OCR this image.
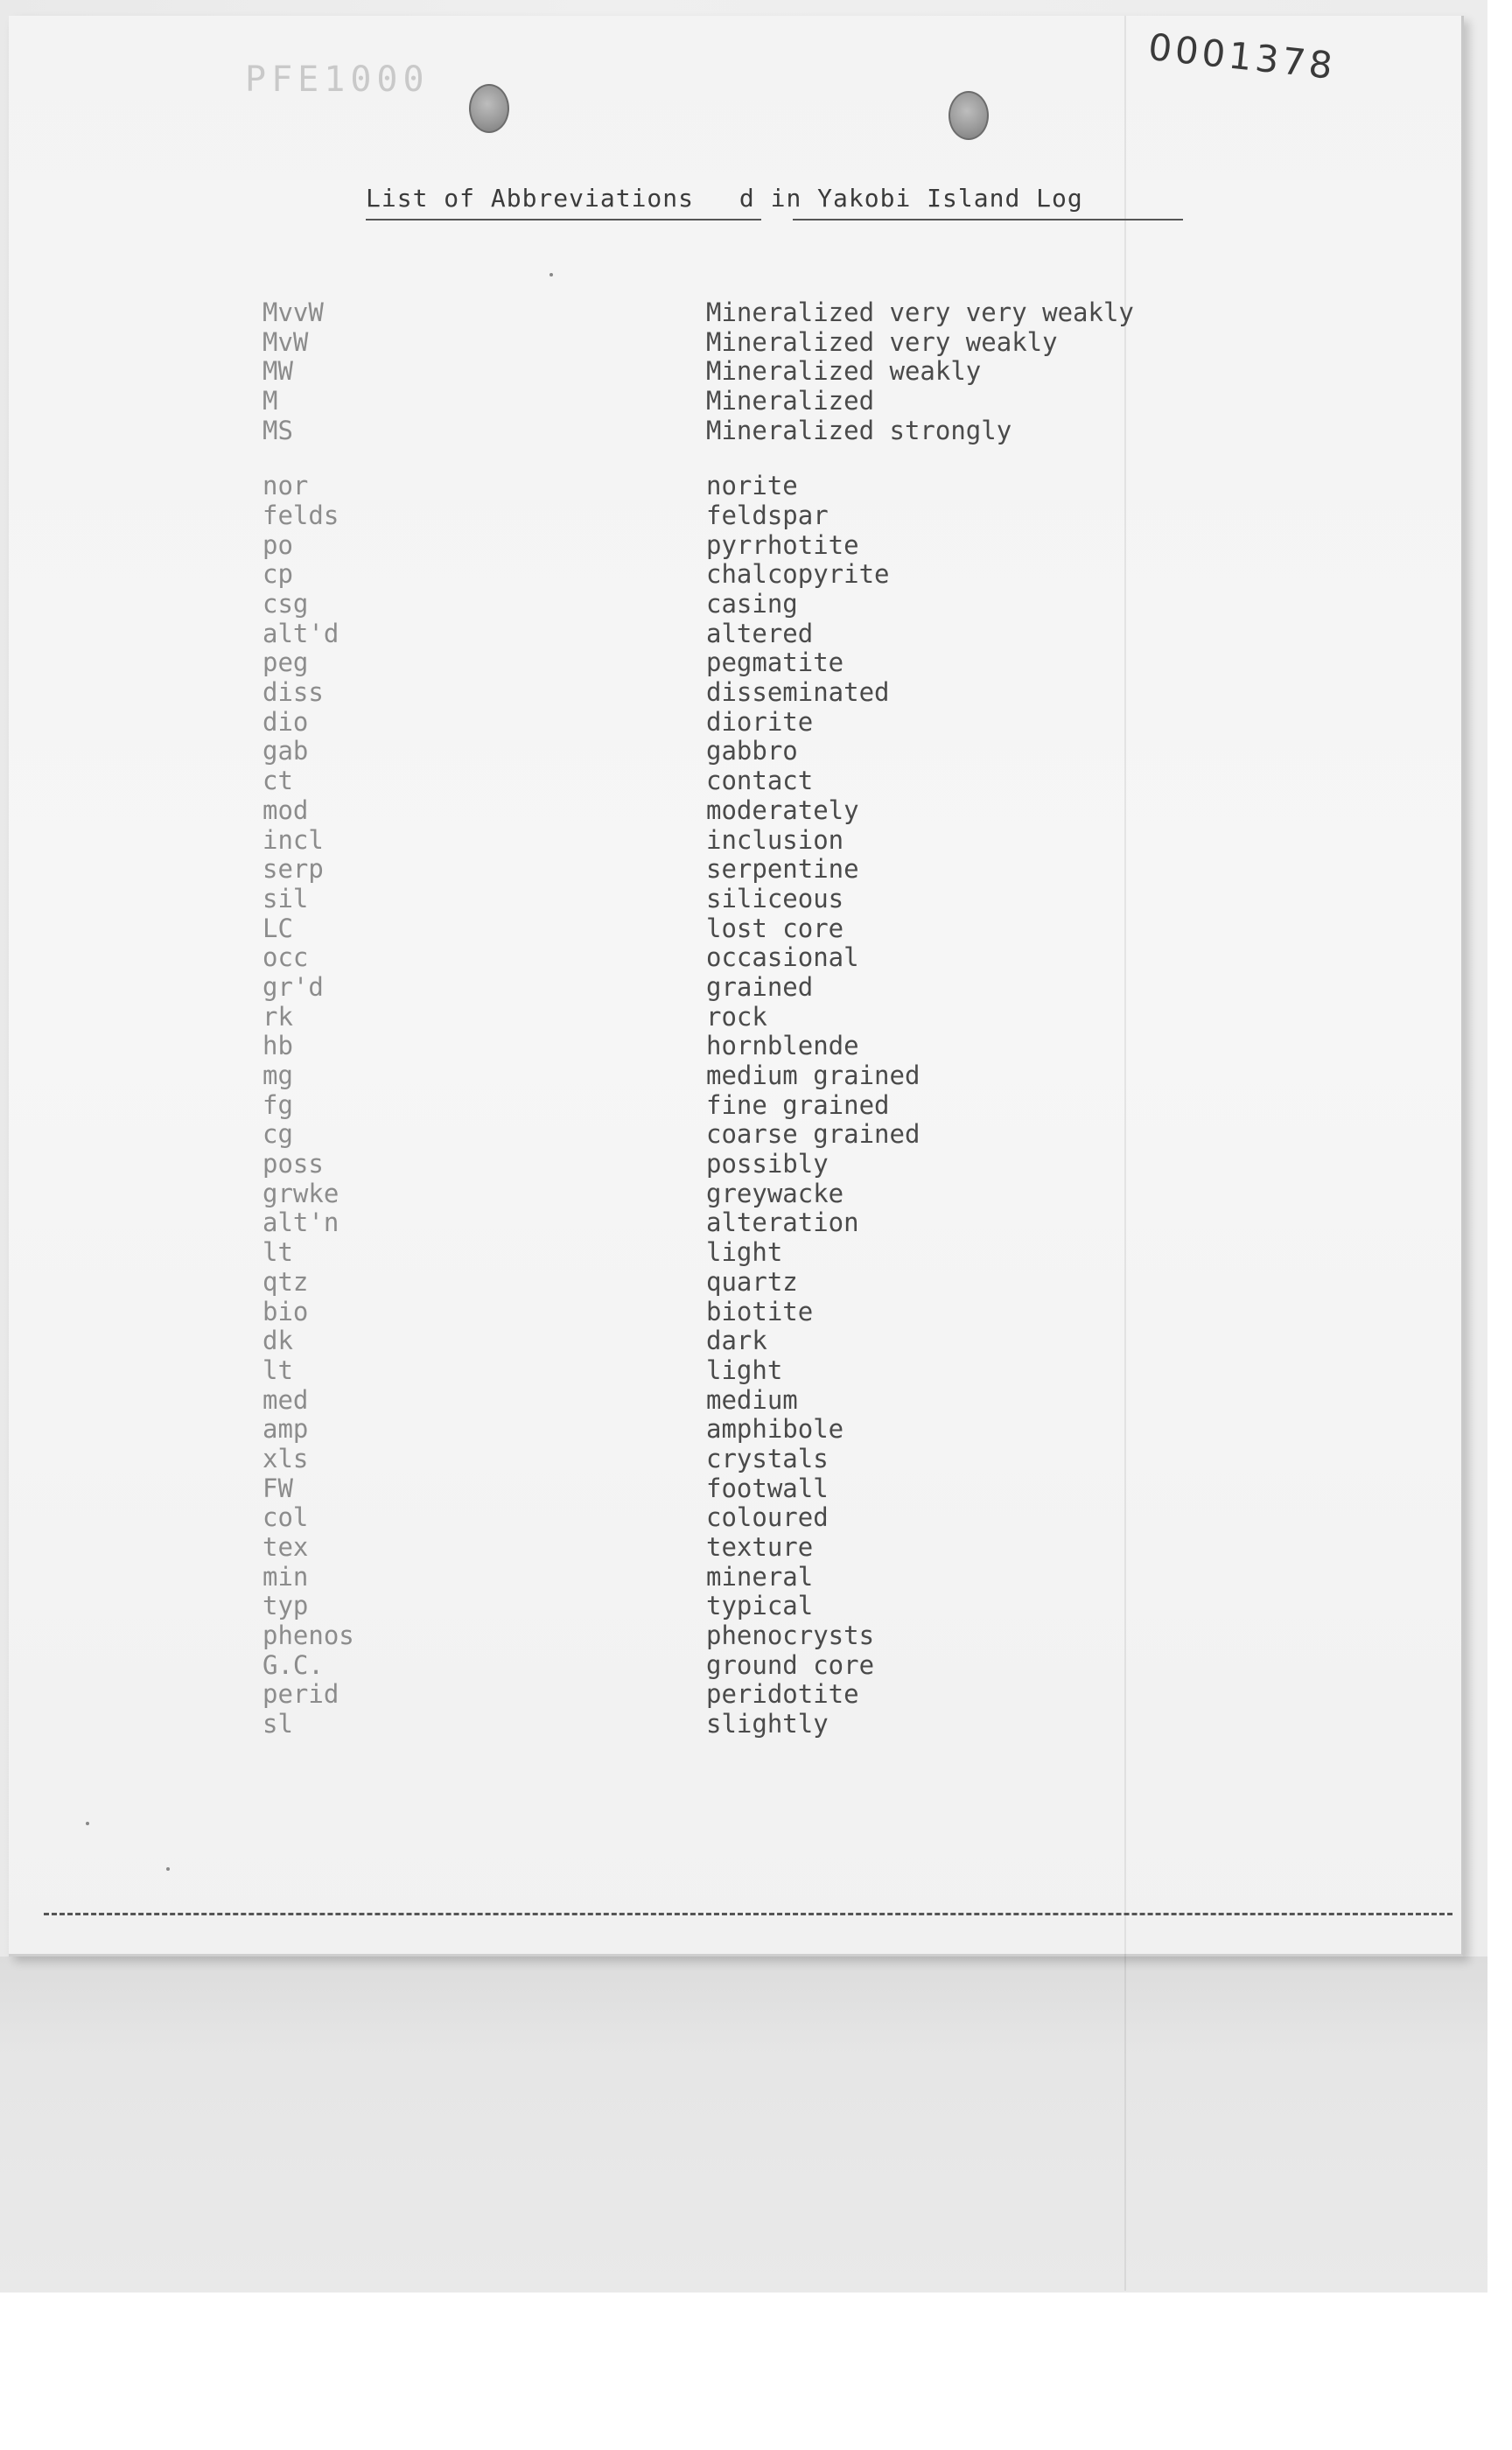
PFE1000	0001378
List of Abbreviations d in Yakobi Island Log
MvvW	Mineralized very very weakly
MvW	Mineralized very weakly
MW	Mineralized weakly
M	Mineralized
MS	Mineralized strongly
nor	norite
felds	feldspar
po	pyrrhotite
cp	chalcopyrite
csg	casing
alt'd	altered
peg	pegmatite
diss	disseminated
dio	diorite
gab	gabbro
ct	contact
mod	moderately
incl	inclusion
serp	serpentine
sil	siliceous
LC	lost core
occ	occasional
gr'd	grained
rk	rock
hb	hornblende
mg	medium grained
fg	fine grained
cg	coarse grained
poss	possibly
grwke	greywacke
alt'n	alteration
lt	light
qtz	quartz
bio	biotite
dk	dark
lt	light
med	medium
amp	amphibole
xls	crystals
FW	footwall
col	coloured
tex	texture
min	mineral
typ	typical
phenos	phenocrysts
G.C.	ground core
perid	peridotite
sl	slightly
